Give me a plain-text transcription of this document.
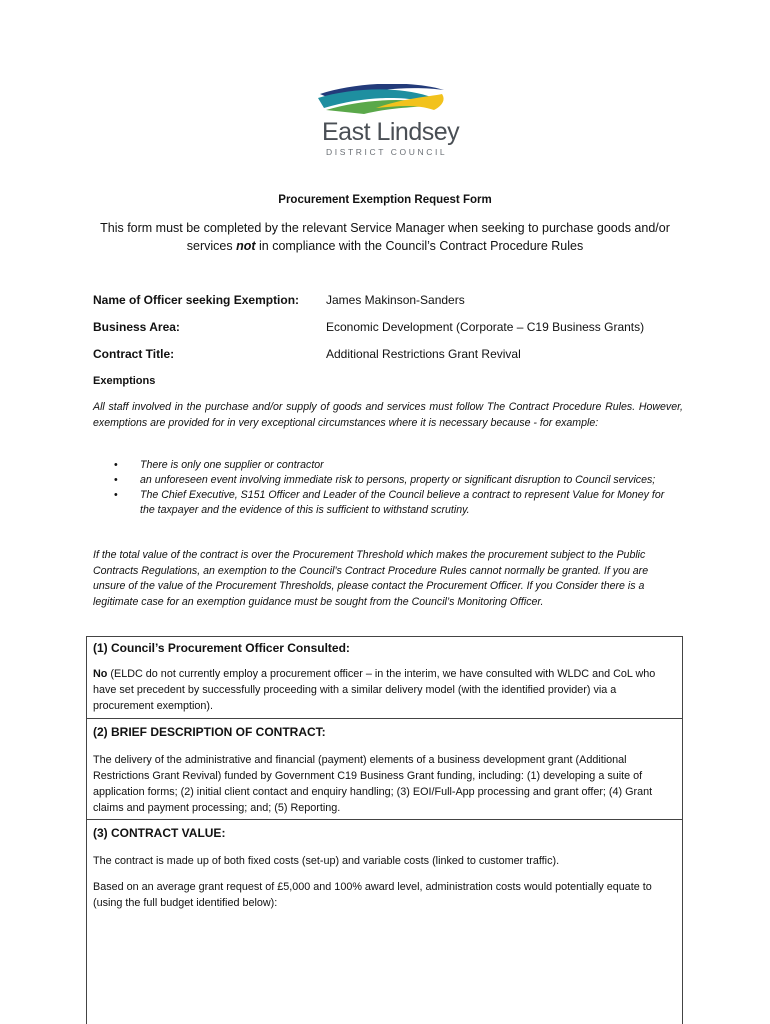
East Lindsey
DISTRICT COUNCIL
Procurement Exemption Request Form
This form must be completed by the relevant Service Manager when seeking to purchase goods and/or services not in compliance with the Council’s Contract Procedure Rules
Name of Officer seeking Exemption: James Makinson-Sanders
Business Area:	Economic Development (Corporate – C19 Business Grants)
Contract Title:	Additional Restrictions Grant Revival
Exemptions
All staff involved in the purchase and/or supply of goods and services must follow The Contract Procedure Rules. However, exemptions are provided for in very exceptional circumstances where it is necessary because - for example:
• There is only one supplier or contractor
• an unforeseen event involving immediate risk to persons, property or significant disruption to Council services;
• The Chief Executive, S151 Officer and Leader of the Council believe a contract to represent Value for Money for the taxpayer and the evidence of this is sufficient to withstand scrutiny.
If the total value of the contract is over the Procurement Threshold which makes the procurement subject to the Public Contracts Regulations, an exemption to the Council’s Contract Procedure Rules cannot normally be granted. If you are unsure of the value of the Procurement Thresholds, please contact the Procurement Officer. If you Consider there is a legitimate case for an exemption guidance must be sought from the Council’s Monitoring Officer.
(1) Council’s Procurement Officer Consulted:
No (ELDC do not currently employ a procurement officer – in the interim, we have consulted with WLDC and CoL who have set precedent by successfully proceeding with a similar delivery model (with the identified provider) via a procurement exemption).
(2) BRIEF DESCRIPTION OF CONTRACT:
The delivery of the administrative and financial (payment) elements of a business development grant (Additional Restrictions Grant Revival) funded by Government C19 Business Grant funding, including: (1) developing a suite of application forms; (2) initial client contact and enquiry handling; (3) EOI/Full-App processing and grant offer; (4) Grant claims and payment processing; and; (5) Reporting.
(3) CONTRACT VALUE:
The contract is made up of both fixed costs (set-up) and variable costs (linked to customer traffic).
Based on an average grant request of £5,000 and 100% award level, administration costs would potentially equate to (using the full budget identified below):
